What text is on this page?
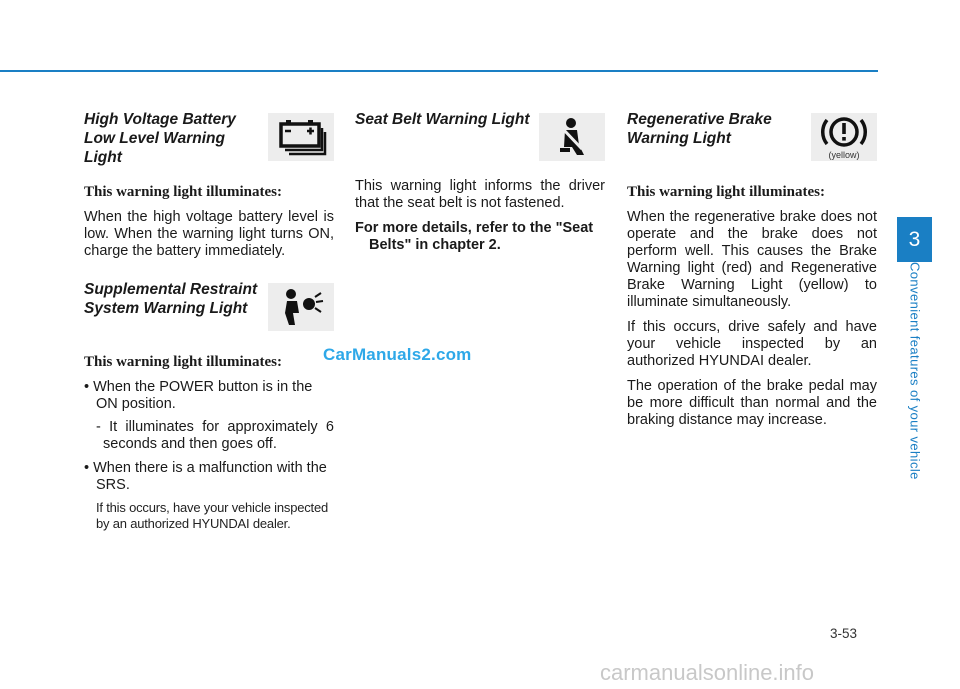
High Voltage Battery Low Level Warning Light
This warning light illuminates:

When the high voltage battery level is low. When the warning light turns ON, charge the battery immediately.

Supplemental Restraint System Warning Light
This warning light illuminates:
• When the POWER button is in the ON position.
- It illuminates for approximately 6 seconds and then goes off.
• When there is a malfunction with the SRS.
If this occurs, have your vehicle inspected by an authorized HYUNDAI dealer.
Seat Belt Warning Light

This warning light informs the driver that the seat belt is not fastened.

For more details, refer to the "Seat
Belts" in chapter 2.

Regenerative Brake Warning Light
(yellow)
This warning light illuminates:

When the regenerative brake does not operate and the brake does not perform well. This causes the Brake Warning light (red) and Regenerative Brake Warning Light (yellow) to illuminate simultaneously.

If this occurs, drive safely and have your vehicle inspected by an authorized HYUNDAI dealer.

The operation of the brake pedal may be more difficult than normal and the braking distance may increase.

3
Convenient features of your vehicle
CarManuals2.com
3-53
carmanualsonline.info
